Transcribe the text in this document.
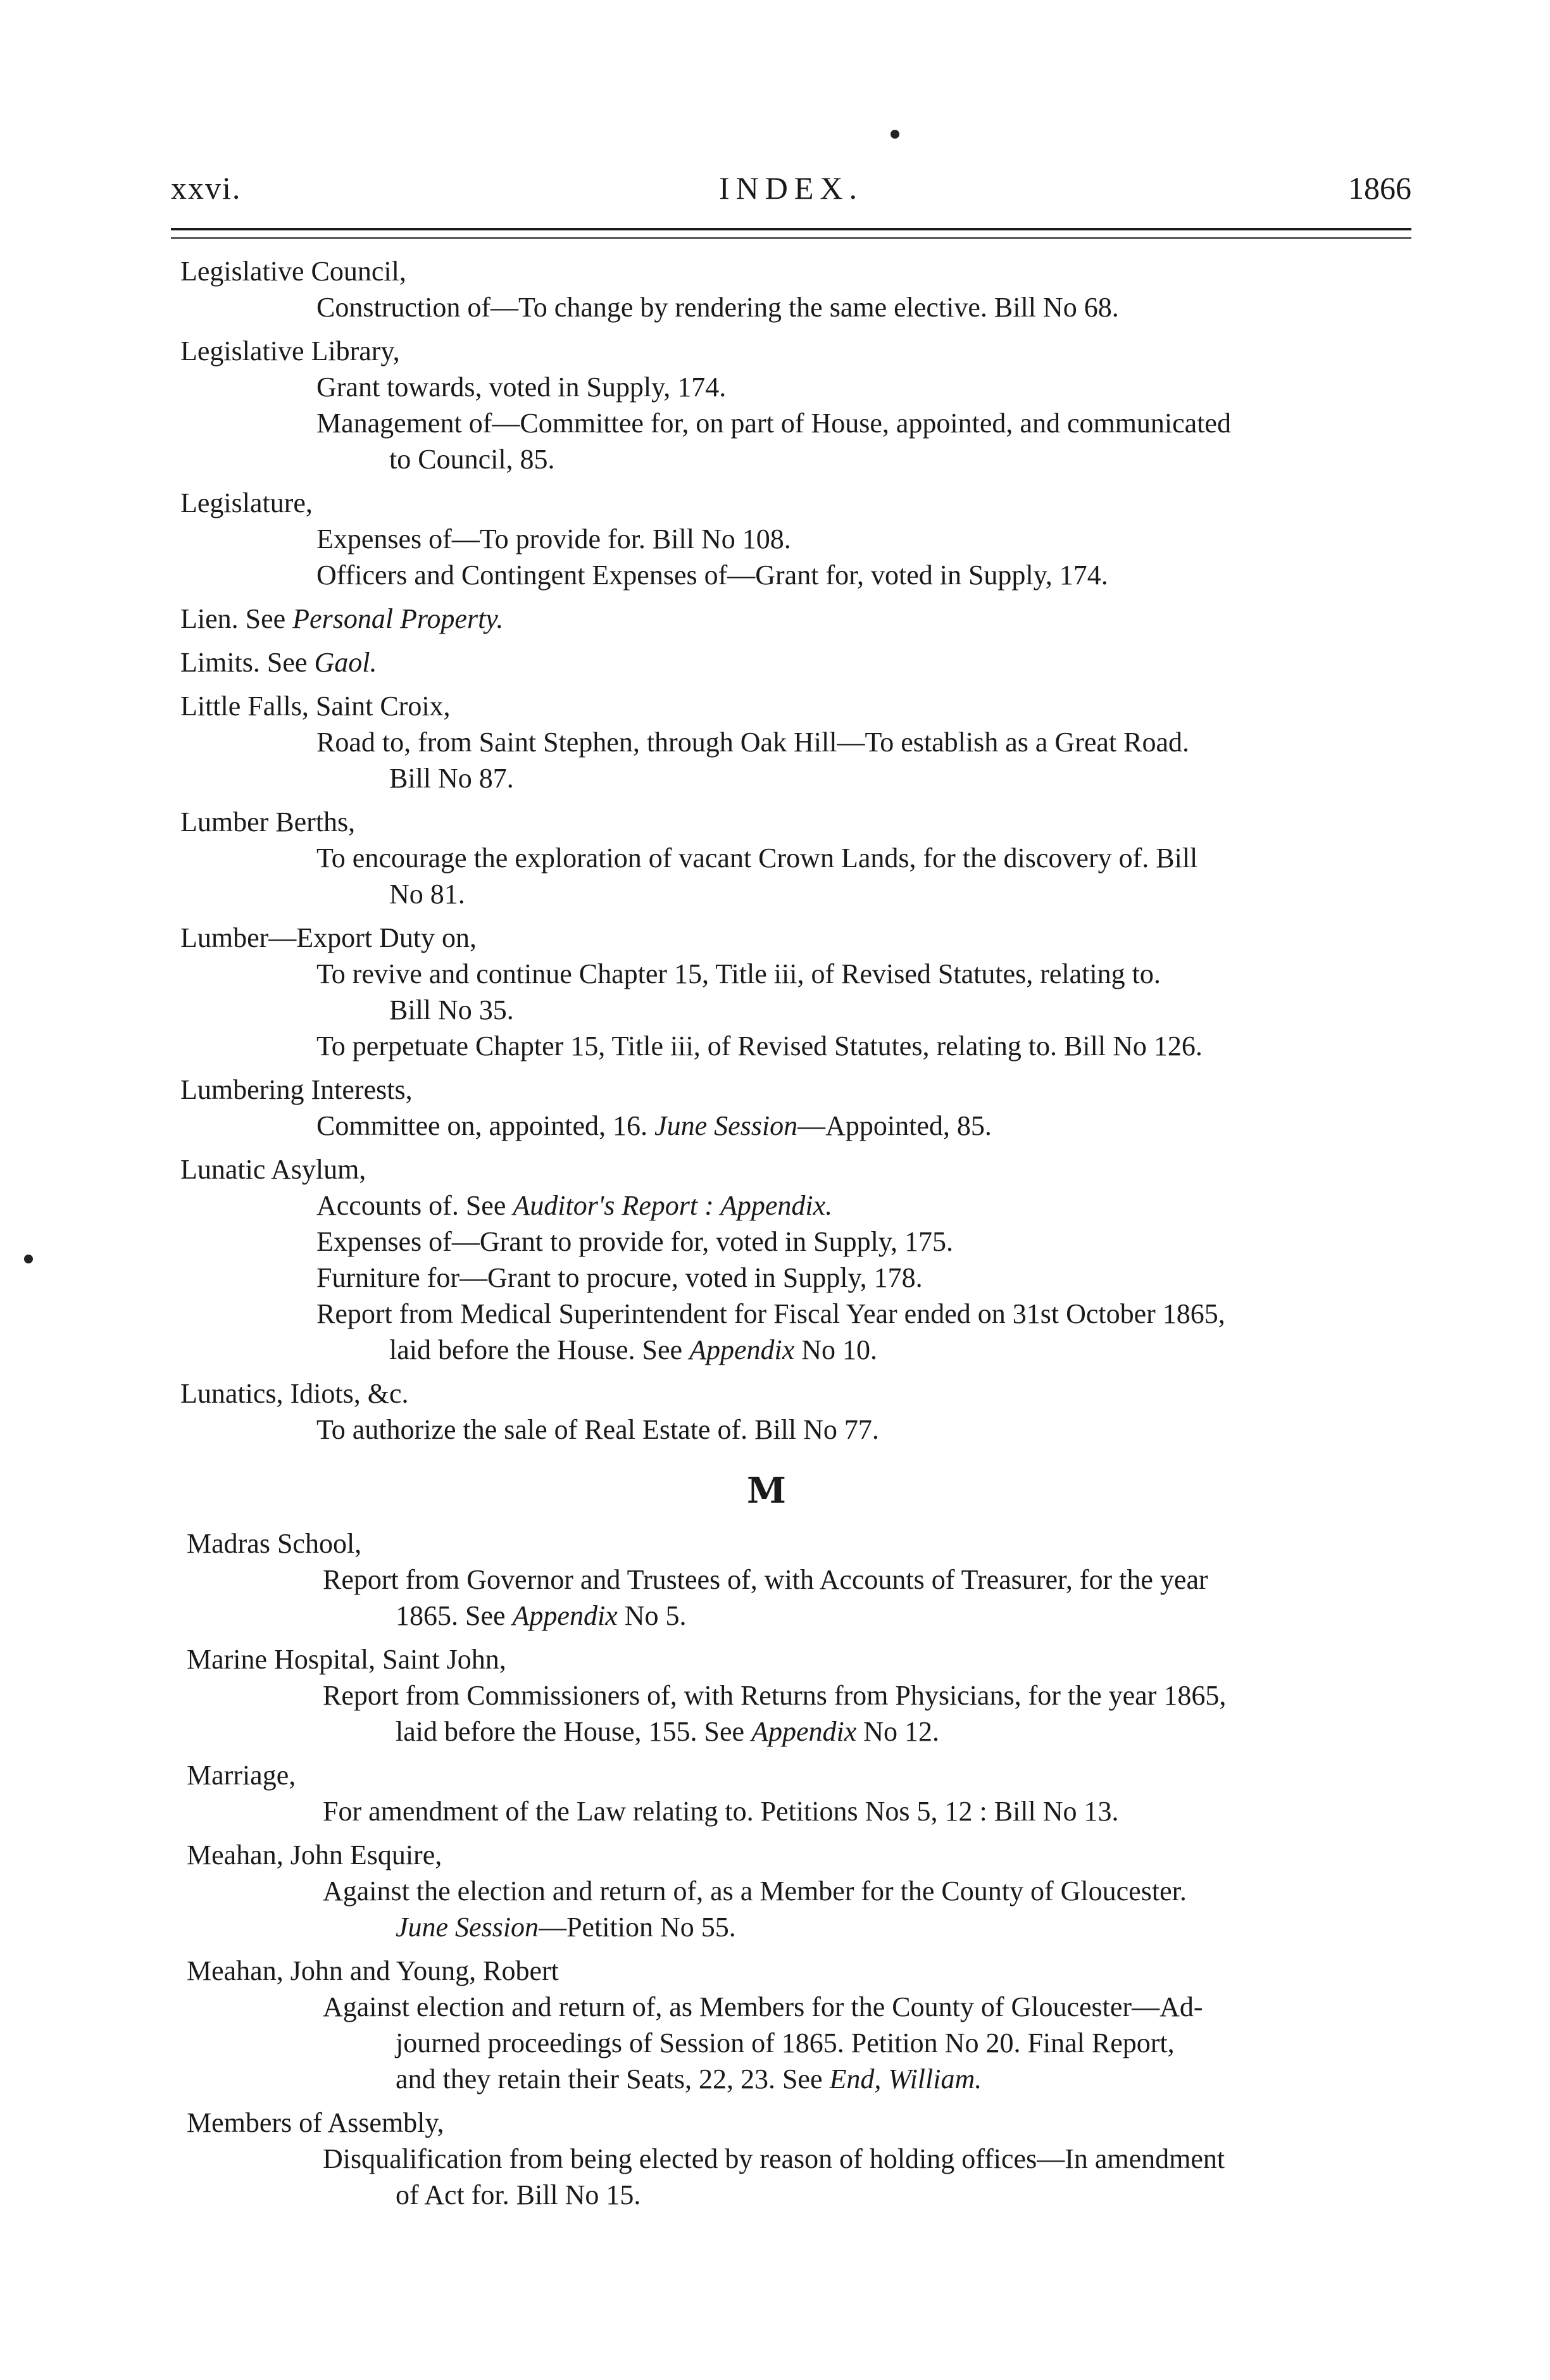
xxvi.	INDEX.	1866
Legislative Council,
Construction of—To change by rendering the same elective. Bill No 68.
Legislative Library,
Grant towards, voted in Supply, 174.
Management of—Committee for, on part of House, appointed, and communicated
to Council, 85.
Legislature,
Expenses of—To provide for. Bill No 108.
Officers and Contingent Expenses of—Grant for, voted in Supply, 174.
Lien. See Personal Property.
Limits. See Gaol.
Little Falls, Saint Croix,
Road to, from Saint Stephen, through Oak Hill—To establish as a Great Road.
Bill No 87.
Lumber Berths,
To encourage the exploration of vacant Crown Lands, for the discovery of. Bill
No 81.
Lumber—Export Duty on,
To revive and continue Chapter 15, Title iii, of Revised Statutes, relating to.
Bill No 35.
To perpetuate Chapter 15, Title iii, of Revised Statutes, relating to. Bill No 126.
Lumbering Interests,
Committee on, appointed, 16. June Session—Appointed, 85.
Lunatic Asylum,
Accounts of. See Auditor's Report : Appendix.
Expenses of—Grant to provide for, voted in Supply, 175.
Furniture for—Grant to procure, voted in Supply, 178.
Report from Medical Superintendent for Fiscal Year ended on 31st October 1865,
laid before the House. See Appendix No 10.
Lunatics, Idiots, &c.
To authorize the sale of Real Estate of. Bill No 77.
M
Madras School,
Report from Governor and Trustees of, with Accounts of Treasurer, for the year
1865. See Appendix No 5.
Marine Hospital, Saint John,
Report from Commissioners of, with Returns from Physicians, for the year 1865,
laid before the House, 155. See Appendix No 12.
Marriage,
For amendment of the Law relating to. Petitions Nos 5, 12 : Bill No 13.
Meahan, John Esquire,
Against the election and return of, as a Member for the County of Gloucester.
June Session—Petition No 55.
Meahan, John and Young, Robert
Against election and return of, as Members for the County of Gloucester—Ad-
journed proceedings of Session of 1865. Petition No 20. Final Report,
and they retain their Seats, 22, 23. See End, William.
Members of Assembly,
Disqualification from being elected by reason of holding offices—In amendment
of Act for. Bill No 15.
